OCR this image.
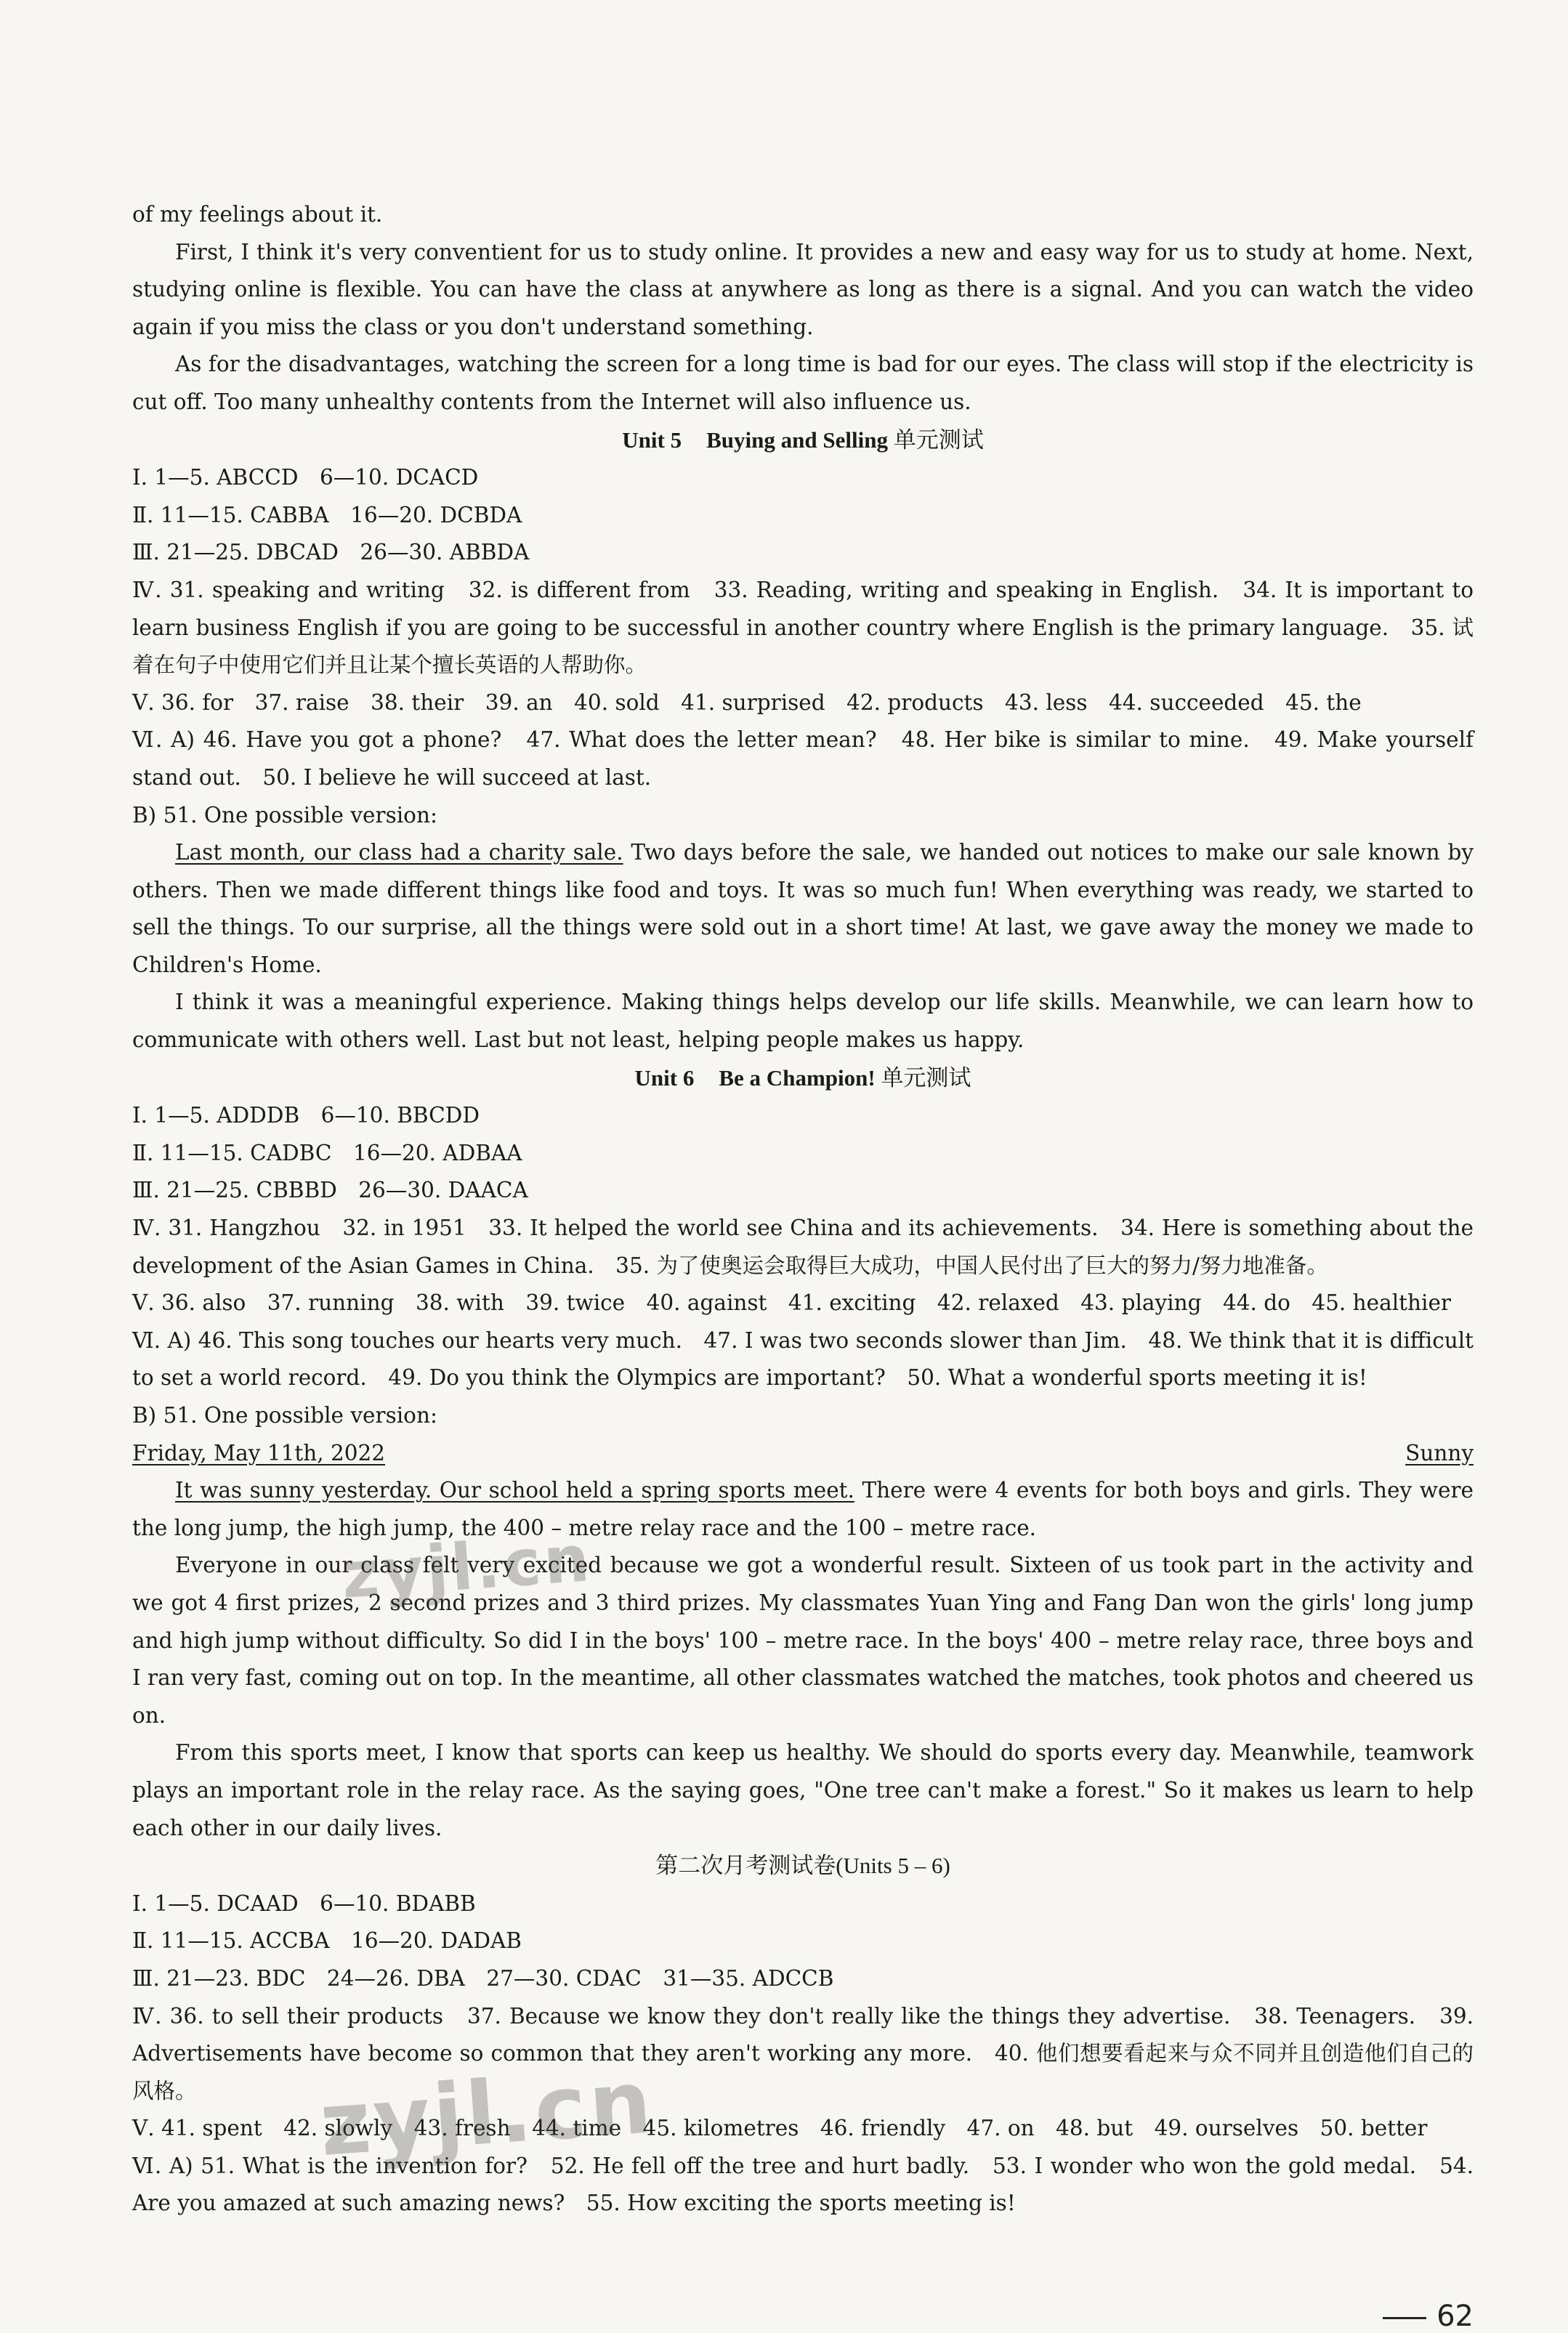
of my feelings about it.
First, I think it's very conventient for us to study online. It provides a new and easy way for us to study at home. Next, studying online is flexible. You can have the class at anywhere as long as there is a signal. And you can watch the video again if you miss the class or you don't understand something.
As for the disadvantages, watching the screen for a long time is bad for our eyes. The class will stop if the electricity is cut off. Too many unhealthy contents from the Internet will also influence us.
Unit 5 Buying and Selling 单元测试
Ⅰ. 1—5. ABCCD　6—10. DCACD
Ⅱ. 11—15. CABBA　16—20. DCBDA
Ⅲ. 21—25. DBCAD　26—30. ABBDA
Ⅳ. 31. speaking and writing　32. is different from　33. Reading, writing and speaking in English.　34. It is important to learn business English if you are going to be successful in another country where English is the primary language.　35. 试着在句子中使用它们并且让某个擅长英语的人帮助你。
Ⅴ. 36. for　37. raise　38. their　39. an　40. sold　41. surprised　42. products　43. less　44. succeeded　45. the
Ⅵ. A) 46. Have you got a phone?　47. What does the letter mean?　48. Her bike is similar to mine.　49. Make yourself stand out.　50. I believe he will succeed at last.
B) 51. One possible version:
Last month, our class had a charity sale. Two days before the sale, we handed out notices to make our sale known by others. Then we made different things like food and toys. It was so much fun! When everything was ready, we started to sell the things. To our surprise, all the things were sold out in a short time! At last, we gave away the money we made to Children's Home.
I think it was a meaningful experience. Making things helps develop our life skills. Meanwhile, we can learn how to communicate with others well. Last but not least, helping people makes us happy.
Unit 6 Be a Champion! 单元测试
Ⅰ. 1—5. ADDDB　6—10. BBCDD
Ⅱ. 11—15. CADBC　16—20. ADBAA
Ⅲ. 21—25. CBBBD　26—30. DAACA
Ⅳ. 31. Hangzhou　32. in 1951　33. It helped the world see China and its achievements.　34. Here is something about the development of the Asian Games in China.　35. 为了使奥运会取得巨大成功，中国人民付出了巨大的努力/努力地准备。
Ⅴ. 36. also　37. running　38. with　39. twice　40. against　41. exciting　42. relaxed　43. playing　44. do　45. healthier
Ⅵ. A) 46. This song touches our hearts very much.　47. I was two seconds slower than Jim.　48. We think that it is difficult to set a world record.　49. Do you think the Olympics are important?　50. What a wonderful sports meeting it is!
B) 51. One possible version:
Friday, May 11th, 2022	Sunny
It was sunny yesterday. Our school held a spring sports meet. There were 4 events for both boys and girls. They were the long jump, the high jump, the 400 – metre relay race and the 100 – metre race.
Everyone in our class felt very excited because we got a wonderful result. Sixteen of us took part in the activity and we got 4 first prizes, 2 second prizes and 3 third prizes. My classmates Yuan Ying and Fang Dan won the girls' long jump and high jump without difficulty. So did I in the boys' 100 – metre race. In the boys' 400 – metre relay race, three boys and I ran very fast, coming out on top. In the meantime, all other classmates watched the matches, took photos and cheered us on.
From this sports meet, I know that sports can keep us healthy. We should do sports every day. Meanwhile, teamwork plays an important role in the relay race. As the saying goes, "One tree can't make a forest." So it makes us learn to help each other in our daily lives.
第二次月考测试卷(Units 5 – 6)
Ⅰ. 1—5. DCAAD　6—10. BDABB
Ⅱ. 11—15. ACCBA　16—20. DADAB
Ⅲ. 21—23. BDC　24—26. DBA　27—30. CDAC　31—35. ADCCB
Ⅳ. 36. to sell their products　37. Because we know they don't really like the things they advertise.　38. Teenagers.　39. Advertisements have become so common that they aren't working any more.　40. 他们想要看起来与众不同并且创造他们自己的风格。
Ⅴ. 41. spent　42. slowly　43. fresh　44. time　45. kilometres　46. friendly　47. on　48. but　49. ourselves　50. better
Ⅵ. A) 51. What is the invention for?　52. He fell off the tree and hurt badly.　53. I wonder who won the gold medal.　54. Are you amazed at such amazing news?　55. How exciting the sports meeting is!
62
zyjl.cn
zyjl.cn
